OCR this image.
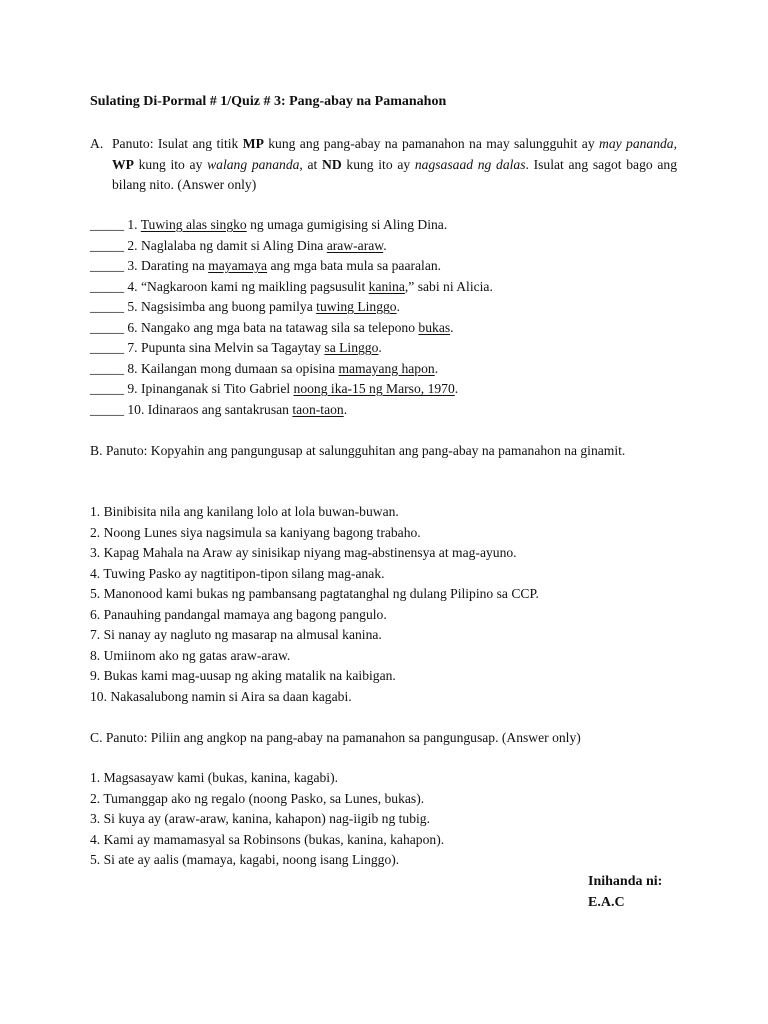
Sulating Di-Pormal # 1/Quiz # 3: Pang-abay na Pamanahon
A. Panuto: Isulat ang titik MP kung ang pang-abay na pamanahon na may salungguhit ay may pananda, WP kung ito ay walang pananda, at ND kung ito ay nagsasaad ng dalas. Isulat ang sagot bago ang bilang nito. (Answer only)
_____ 1. Tuwing alas singko ng umaga gumigising si Aling Dina.
_____ 2. Naglalaba ng damit si Aling Dina araw-araw.
_____ 3. Darating na mayamaya ang mga bata mula sa paaralan.
_____ 4. “Nagkaroon kami ng maikling pagsusulit kanina,” sabi ni Alicia.
_____ 5. Nagsisimba ang buong pamilya tuwing Linggo.
_____ 6. Nangako ang mga bata na tatawag sila sa telepono bukas.
_____ 7. Pupunta sina Melvin sa Tagaytay sa Linggo.
_____ 8. Kailangan mong dumaan sa opisina mamayang hapon.
_____ 9. Ipinanganak si Tito Gabriel noong ika-15 ng Marso, 1970.
_____ 10. Idinaraos ang santakrusan taon-taon.
B. Panuto: Kopyahin ang pangungusap at salungguhitan ang pang-abay na pamanahon na ginamit.
1. Binibisita nila ang kanilang lolo at lola buwan-buwan.
2. Noong Lunes siya nagsimula sa kaniyang bagong trabaho.
3. Kapag Mahala na Araw ay sinisikap niyang mag-abstinensya at mag-ayuno.
4. Tuwing Pasko ay nagtitipon-tipon silang mag-anak.
5. Manonood kami bukas ng pambansang pagtatanghal ng dulang Pilipino sa CCP.
6. Panauhing pandangal mamaya ang bagong pangulo.
7. Si nanay ay nagluto ng masarap na almusal kanina.
8. Umiinom ako ng gatas araw-araw.
9. Bukas kami mag-uusap ng aking matalik na kaibigan.
10. Nakasalubong namin si Aira sa daan kagabi.
C. Panuto: Piliin ang angkop na pang-abay na pamanahon sa pangungusap. (Answer only)
1. Magsasayaw kami (bukas, kanina, kagabi).
2. Tumanggap ako ng regalo (noong Pasko, sa Lunes, bukas).
3. Si kuya ay (araw-araw, kanina, kahapon) nag-iigib ng tubig.
4. Kami ay mamamasyal sa Robinsons (bukas, kanina, kahapon).
5. Si ate ay aalis (mamaya, kagabi, noong isang Linggo).
Inihanda ni:
E.A.C
